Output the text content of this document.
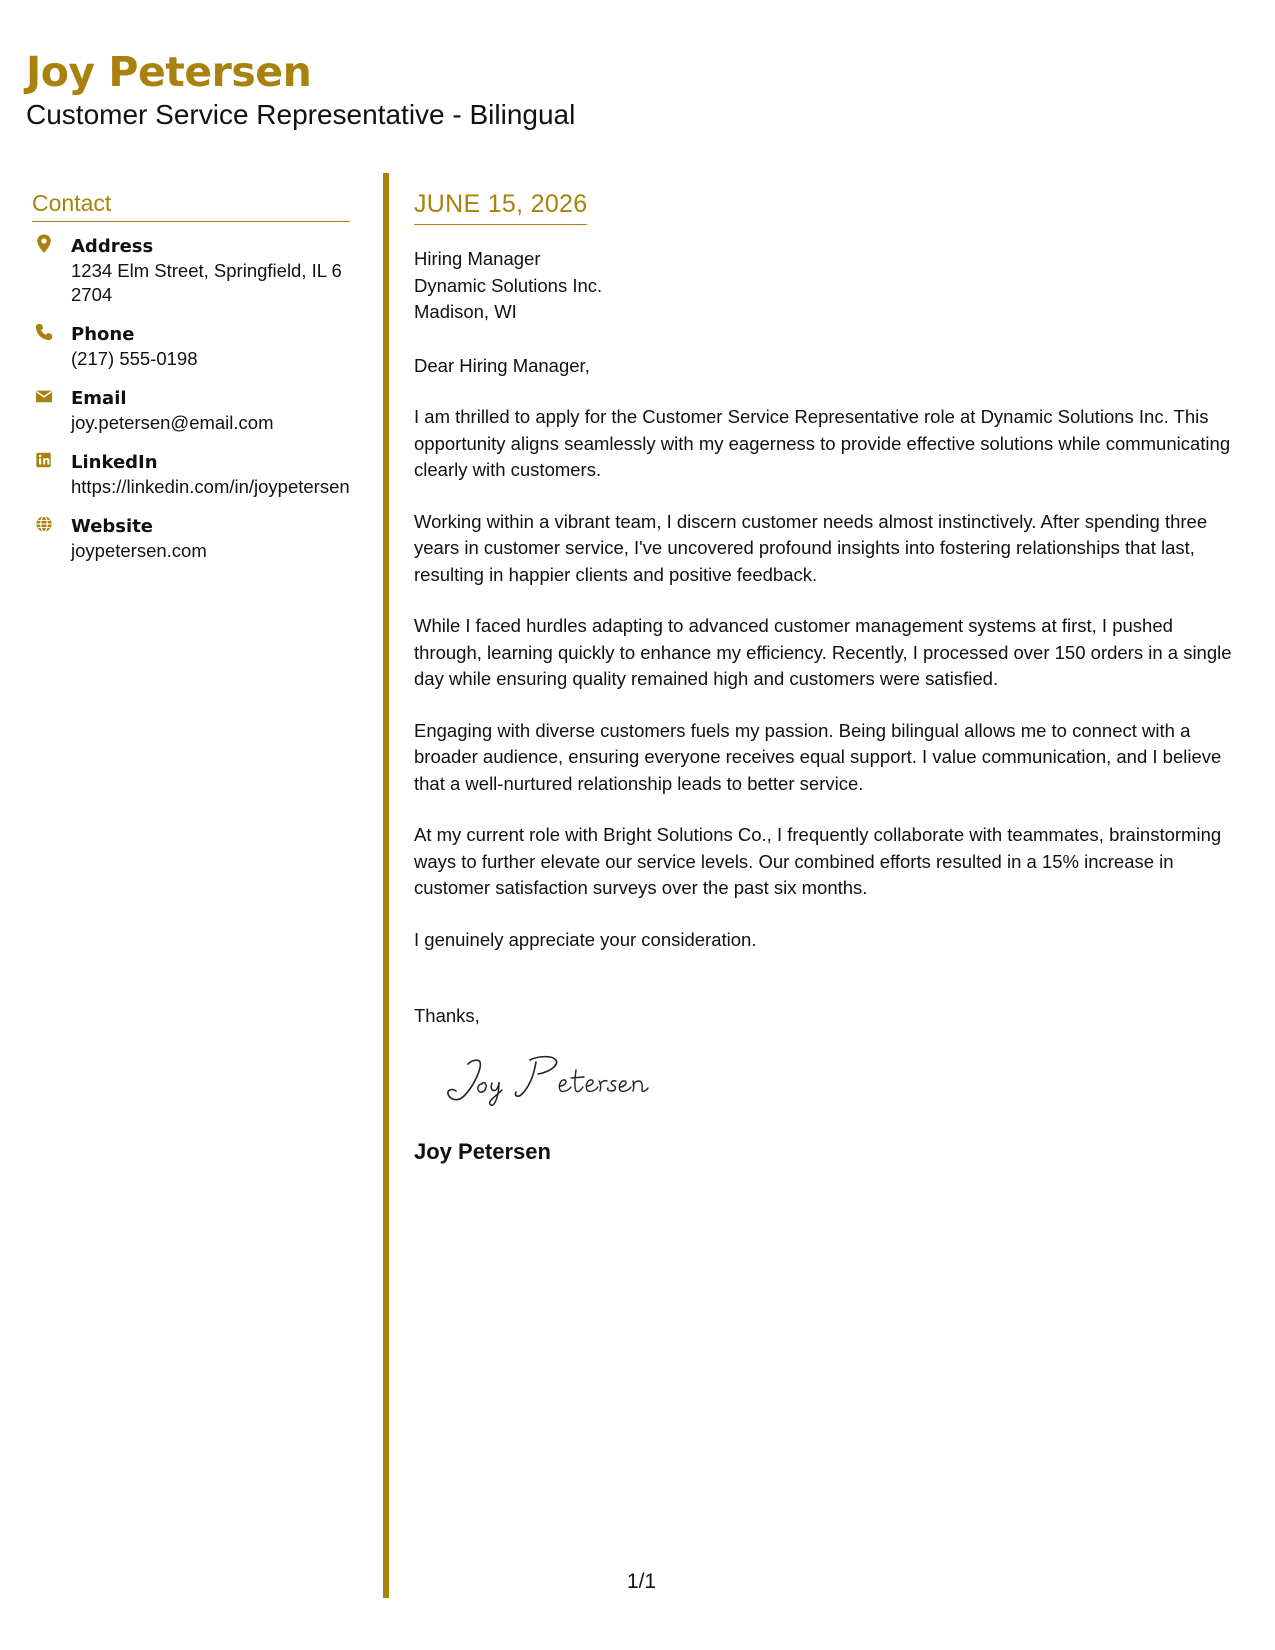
Joy Petersen
Customer Service Representative - Bilingual
Contact
Address
1234 Elm Street, Springfield, IL 62704
Phone
(217) 555-0198
Email
joy.petersen@email.com
LinkedIn
https://linkedin.com/in/joypetersen
Website
joypetersen.com
JUNE 15, 2026
Hiring Manager
Dynamic Solutions Inc.
Madison, WI
Dear Hiring Manager,
I am thrilled to apply for the Customer Service Representative role at Dynamic Solutions Inc. This opportunity aligns seamlessly with my eagerness to provide effective solutions while communicating clearly with customers.
Working within a vibrant team, I discern customer needs almost instinctively. After spending three years in customer service, I've uncovered profound insights into fostering relationships that last, resulting in happier clients and positive feedback.
While I faced hurdles adapting to advanced customer management systems at first, I pushed through, learning quickly to enhance my efficiency. Recently, I processed over 150 orders in a single day while ensuring quality remained high and customers were satisfied.
Engaging with diverse customers fuels my passion. Being bilingual allows me to connect with a broader audience, ensuring everyone receives equal support. I value communication, and I believe that a well-nurtured relationship leads to better service.
At my current role with Bright Solutions Co., I frequently collaborate with teammates, brainstorming ways to further elevate our service levels. Our combined efforts resulted in a 15% increase in customer satisfaction surveys over the past six months.
I genuinely appreciate your consideration.
Thanks,
Joy Petersen
1/1
